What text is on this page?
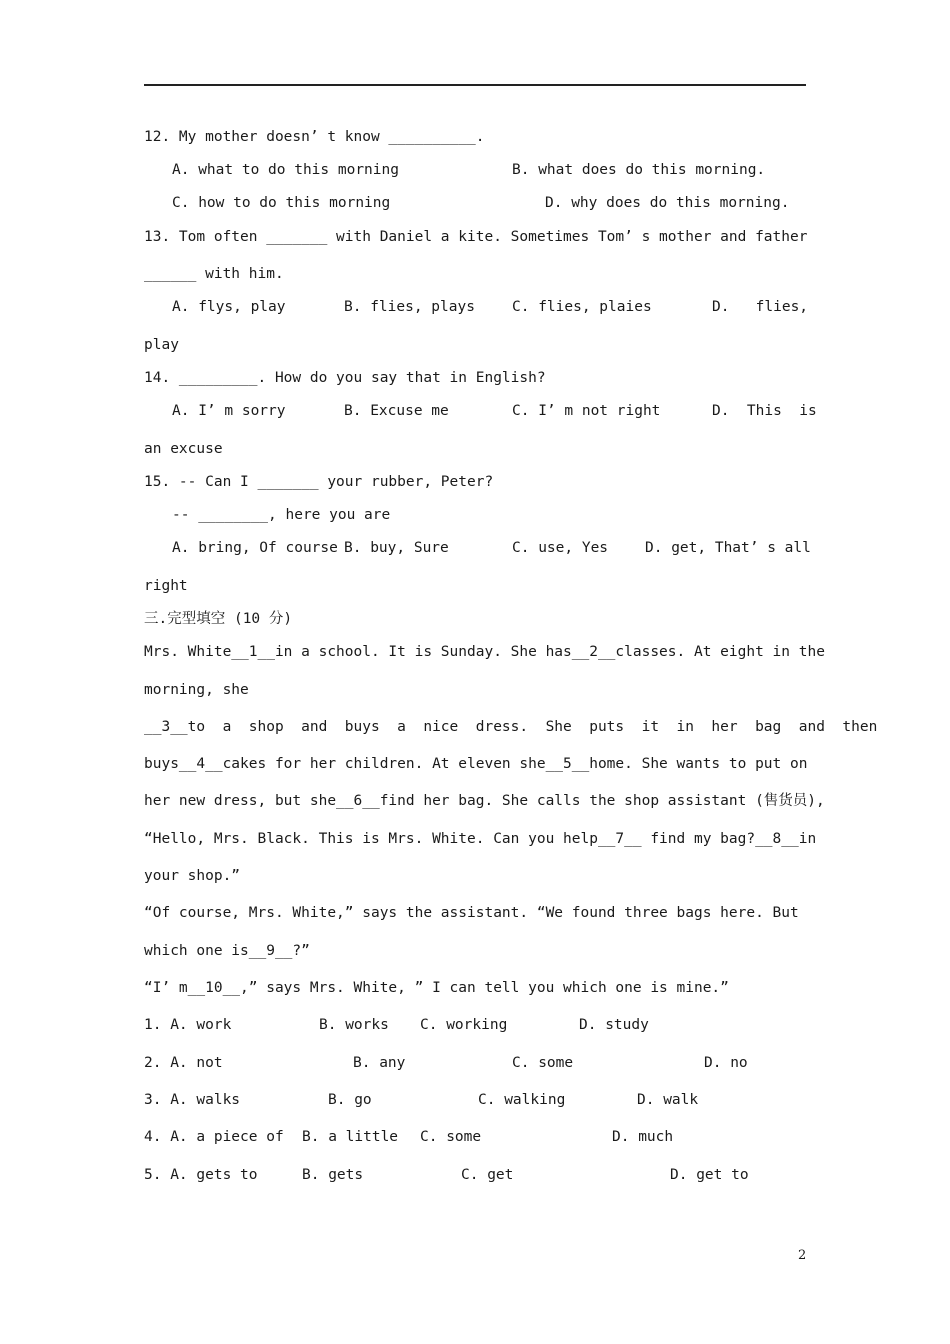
12. My mother doesn’ t know __________.
A. what to do this morning	B. what does do this morning.
C. how to do this morning	D. why does do this morning.
13. Tom often _______ with Daniel a kite. Sometimes Tom’ s mother and father
______ with him.
A. flys, play	B. flies, plays	C. flies, plaies	D.   flies,
play
14. _________. How do you say that in English?
A. I’ m sorry	B. Excuse me	C. I’ m not right	D.  This  is
an excuse
15. -- Can I _______ your rubber, Peter?
-- ________, here you are
A. bring, Of course B. buy, Sure	C. use, Yes	D. get, That’ s all
right
三.完型填空 (10 分)
Mrs. White__1__in a school. It is Sunday. She has__2__classes. At eight in the
morning, she
__3__to  a  shop  and  buys  a  nice  dress.  She  puts  it  in  her  bag  and  then
buys__4__cakes for her children. At eleven she__5__home. She wants to put on
her new dress, but she__6__find her bag. She calls the shop assistant (售货员),
“Hello, Mrs. Black. This is Mrs. White. Can you help__7__ find my bag?__8__in
your shop.”
“Of course, Mrs. White,” says the assistant. “We found three bags here. But
which one is__9__?”
“I’ m__10__,” says Mrs. White, ” I can tell you which one is mine.”
1. A. work	B. works C. working	D. study
2. A. not	B. any	C. some	D. no
3. A. walks	B. go	C. walking	D. walk
4. A. a piece of B. a little C. some	D. much
5. A. gets to	B. gets	C. get	D. get to
2
